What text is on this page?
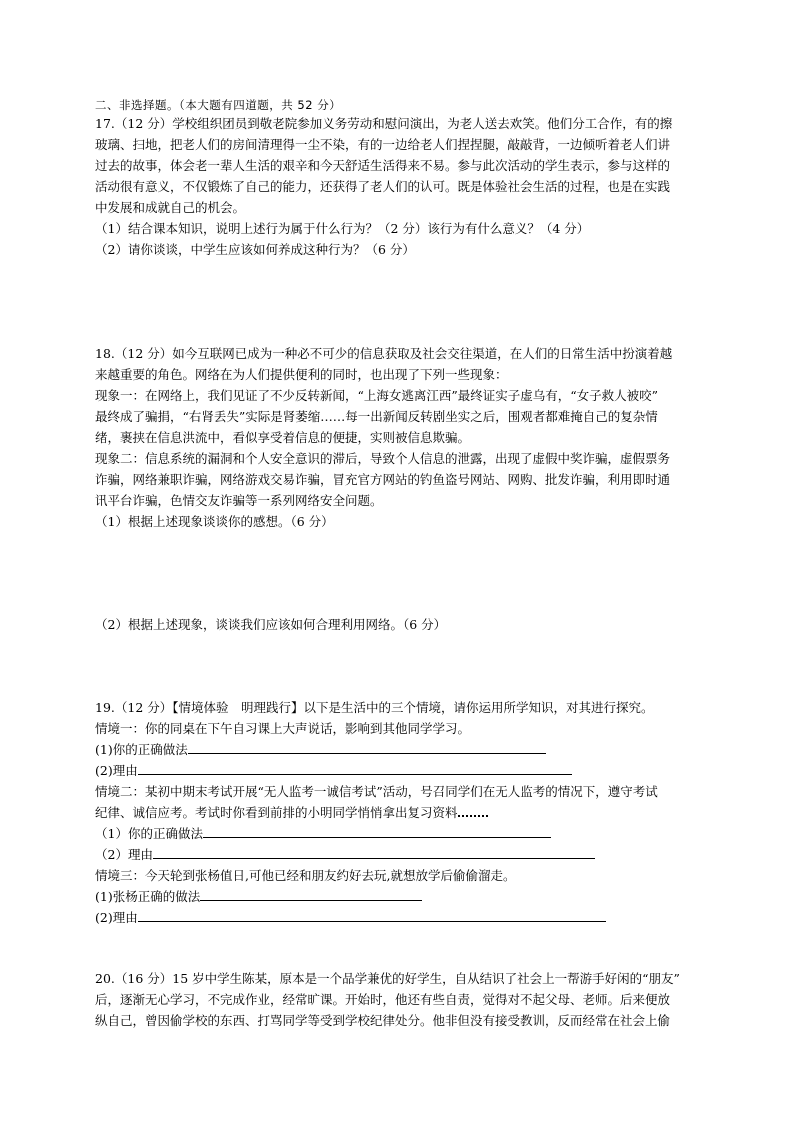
二、非选择题。（本大题有四道题，共 52 分）
17.（12 分）学校组织团员到敬老院参加义务劳动和慰问演出，为老人送去欢笑。他们分工合作，有的擦
玻璃、扫地，把老人们的房间清理得一尘不染，有的一边给老人们捏捏腿，敲敲背，一边倾听着老人们讲
过去的故事，体会老一辈人生活的艰辛和今天舒适生活得来不易。参与此次活动的学生表示，参与这样的
活动很有意义，不仅锻炼了自己的能力，还获得了老人们的认可。既是体验社会生活的过程，也是在实践
中发展和成就自己的机会。
（1）结合课本知识，说明上述行为属于什么行为？（2 分）该行为有什么意义？（4 分）
（2）请你谈谈，中学生应该如何养成这种行为？（6 分）
18.（12 分）如今互联网已成为一种必不可少的信息获取及社会交往渠道，在人们的日常生活中扮演着越
来越重要的角色。网络在为人们提供便利的同时，也出现了下列一些现象：
现象一：在网络上，我们见证了不少反转新闻，“上海女逃离江西”最终证实子虚乌有，“女子救人被咬”
最终成了骗捐，“右肾丢失”实际是肾萎缩……每一出新闻反转剧坐实之后，围观者都难掩自己的复杂情
绪，裹挟在信息洪流中，看似享受着信息的便捷，实则被信息欺骗。
现象二：信息系统的漏洞和个人安全意识的滞后，导致个人信息的泄露，出现了虚假中奖诈骗，虚假票务
诈骗，网络兼职诈骗，网络游戏交易诈骗，冒充官方网站的钓鱼盗号网站、网购、批发诈骗，利用即时通
讯平台诈骗，色情交友诈骗等一系列网络安全问题。
（1）根据上述现象谈谈你的感想。（6 分）
（2）根据上述现象，谈谈我们应该如何合理利用网络。（6 分）
19.（12 分）【情境体验　明理践行】以下是生活中的三个情境，请你运用所学知识，对其进行探究。
情境一：你的同桌在下午自习课上大声说话，影响到其他同学学习。
(1)你的正确做法
(2)理由
情境二：某初中期末考试开展“无人监考一诚信考试”活动，号召同学们在无人监考的情况下，遵守考试
纪律、诚信应考。考试时你看到前排的小明同学悄悄拿出复习资料
（1）你的正确做法
（2）理由
情境三：今天轮到张杨值日,可他已经和朋友约好去玩,就想放学后偷偷溜走。
(1)张杨正确的做法
(2)理由
20.（16 分）15 岁中学生陈某，原本是一个品学兼优的好学生，自从结识了社会上一帮游手好闲的“朋友”
后，逐渐无心学习，不完成作业，经常旷课。开始时，他还有些自责，觉得对不起父母、老师。后来便放
纵自己，曾因偷学校的东西、打骂同学等受到学校纪律处分。他非但没有接受教训，反而经常在社会上偷
